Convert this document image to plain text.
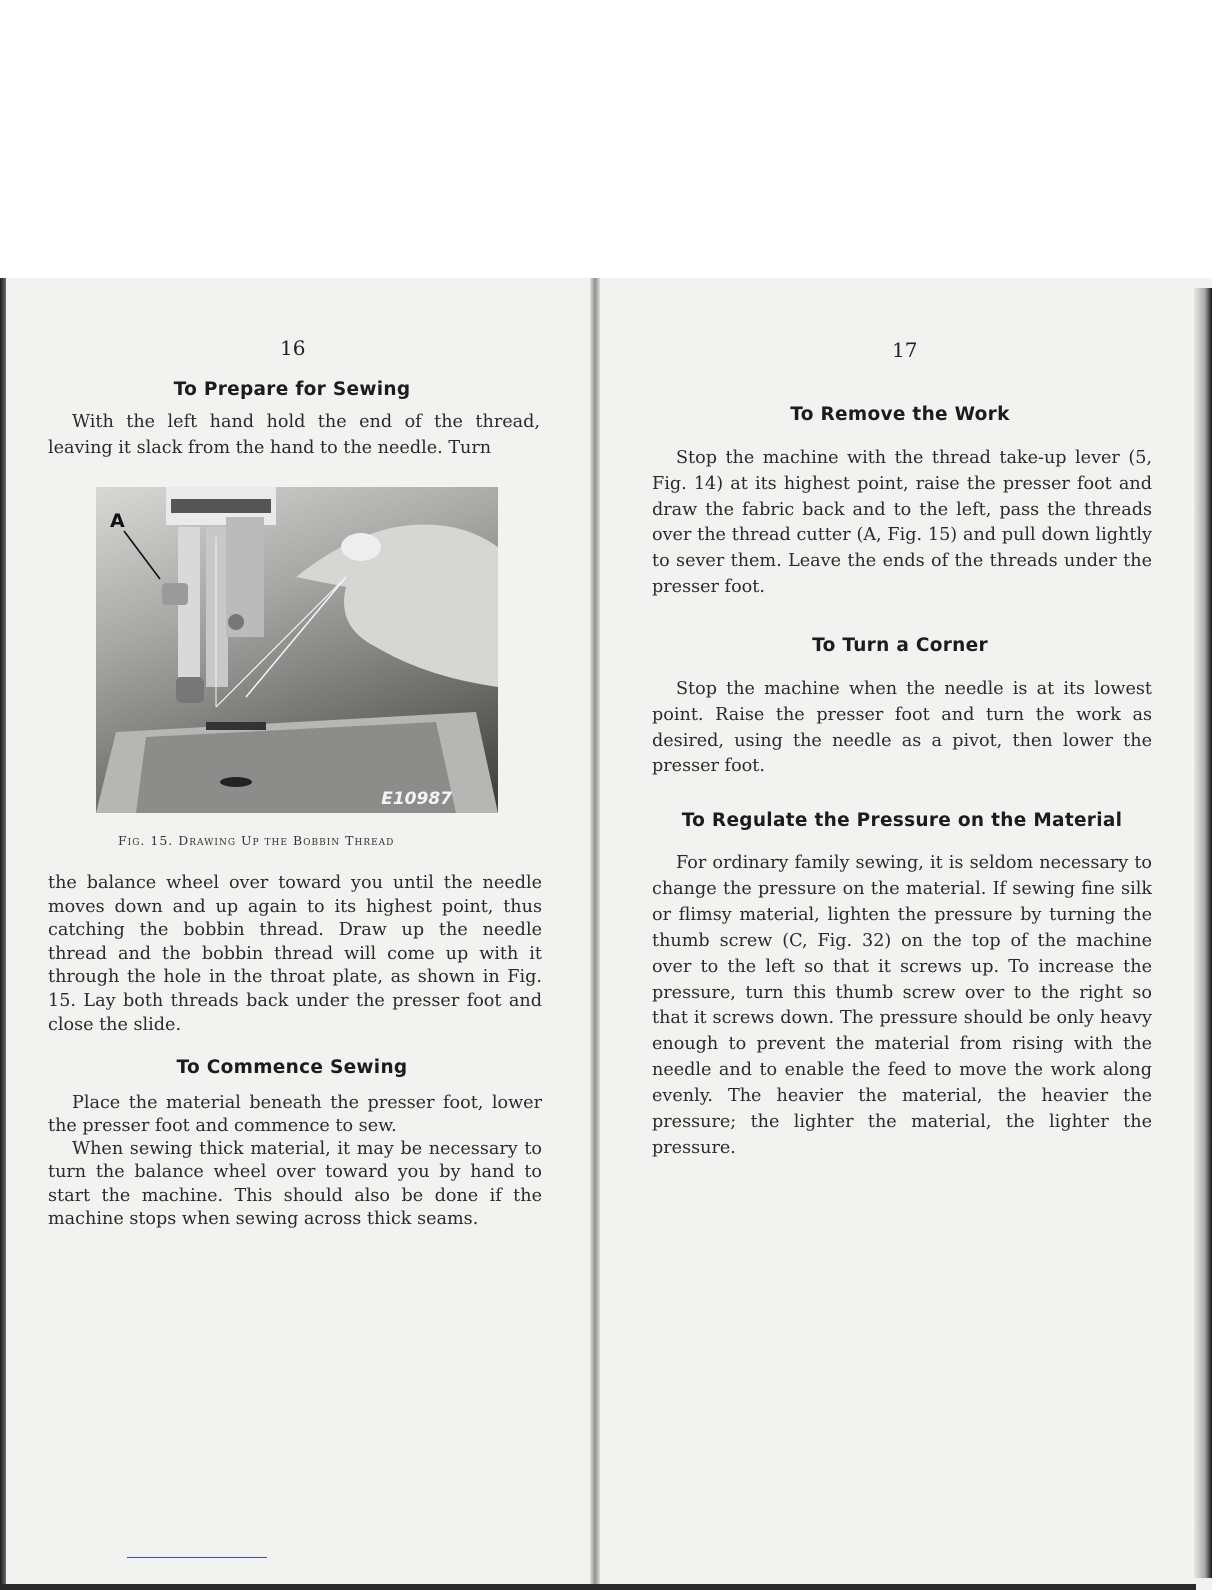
16
To Prepare for Sewing

With the left hand hold the end of the thread, leaving it slack from the hand to the needle. Turn

E10987
A
Fig. 15. Drawing Up the Bobbin Thread

the balance wheel over toward you until the needle moves down and up again to its highest point, thus catching the bobbin thread. Draw up the needle thread and the bobbin thread will come up with it through the hole in the throat plate, as shown in Fig. 15. Lay both threads back under the presser foot and close the slide.

To Commence Sewing

Place the material beneath the presser foot, lower the presser foot and commence to sew.

When sewing thick material, it may be necessary to turn the balance wheel over toward you by hand to start the machine. This should also be done if the machine stops when sewing across thick seams.

17
To Remove the Work

Stop the machine with the thread take-up lever (5, Fig. 14) at its highest point, raise the presser foot and draw the fabric back and to the left, pass the threads over the thread cutter (A, Fig. 15) and pull down lightly to sever them. Leave the ends of the threads under the presser foot.

To Turn a Corner

Stop the machine when the needle is at its lowest point. Raise the presser foot and turn the work as desired, using the needle as a pivot, then lower the presser foot.

To Regulate the Pressure on the Material

For ordinary family sewing, it is seldom necessary to change the pressure on the material. If sewing fine silk or flimsy material, lighten the pressure by turning the thumb screw (C, Fig. 32) on the top of the machine over to the left so that it screws up. To increase the pressure, turn this thumb screw over to the right so that it screws down. The pressure should be only heavy enough to prevent the material from rising with the needle and to enable the feed to move the work along evenly. The heavier the material, the heavier the pressure; the lighter the material, the lighter the pressure.
